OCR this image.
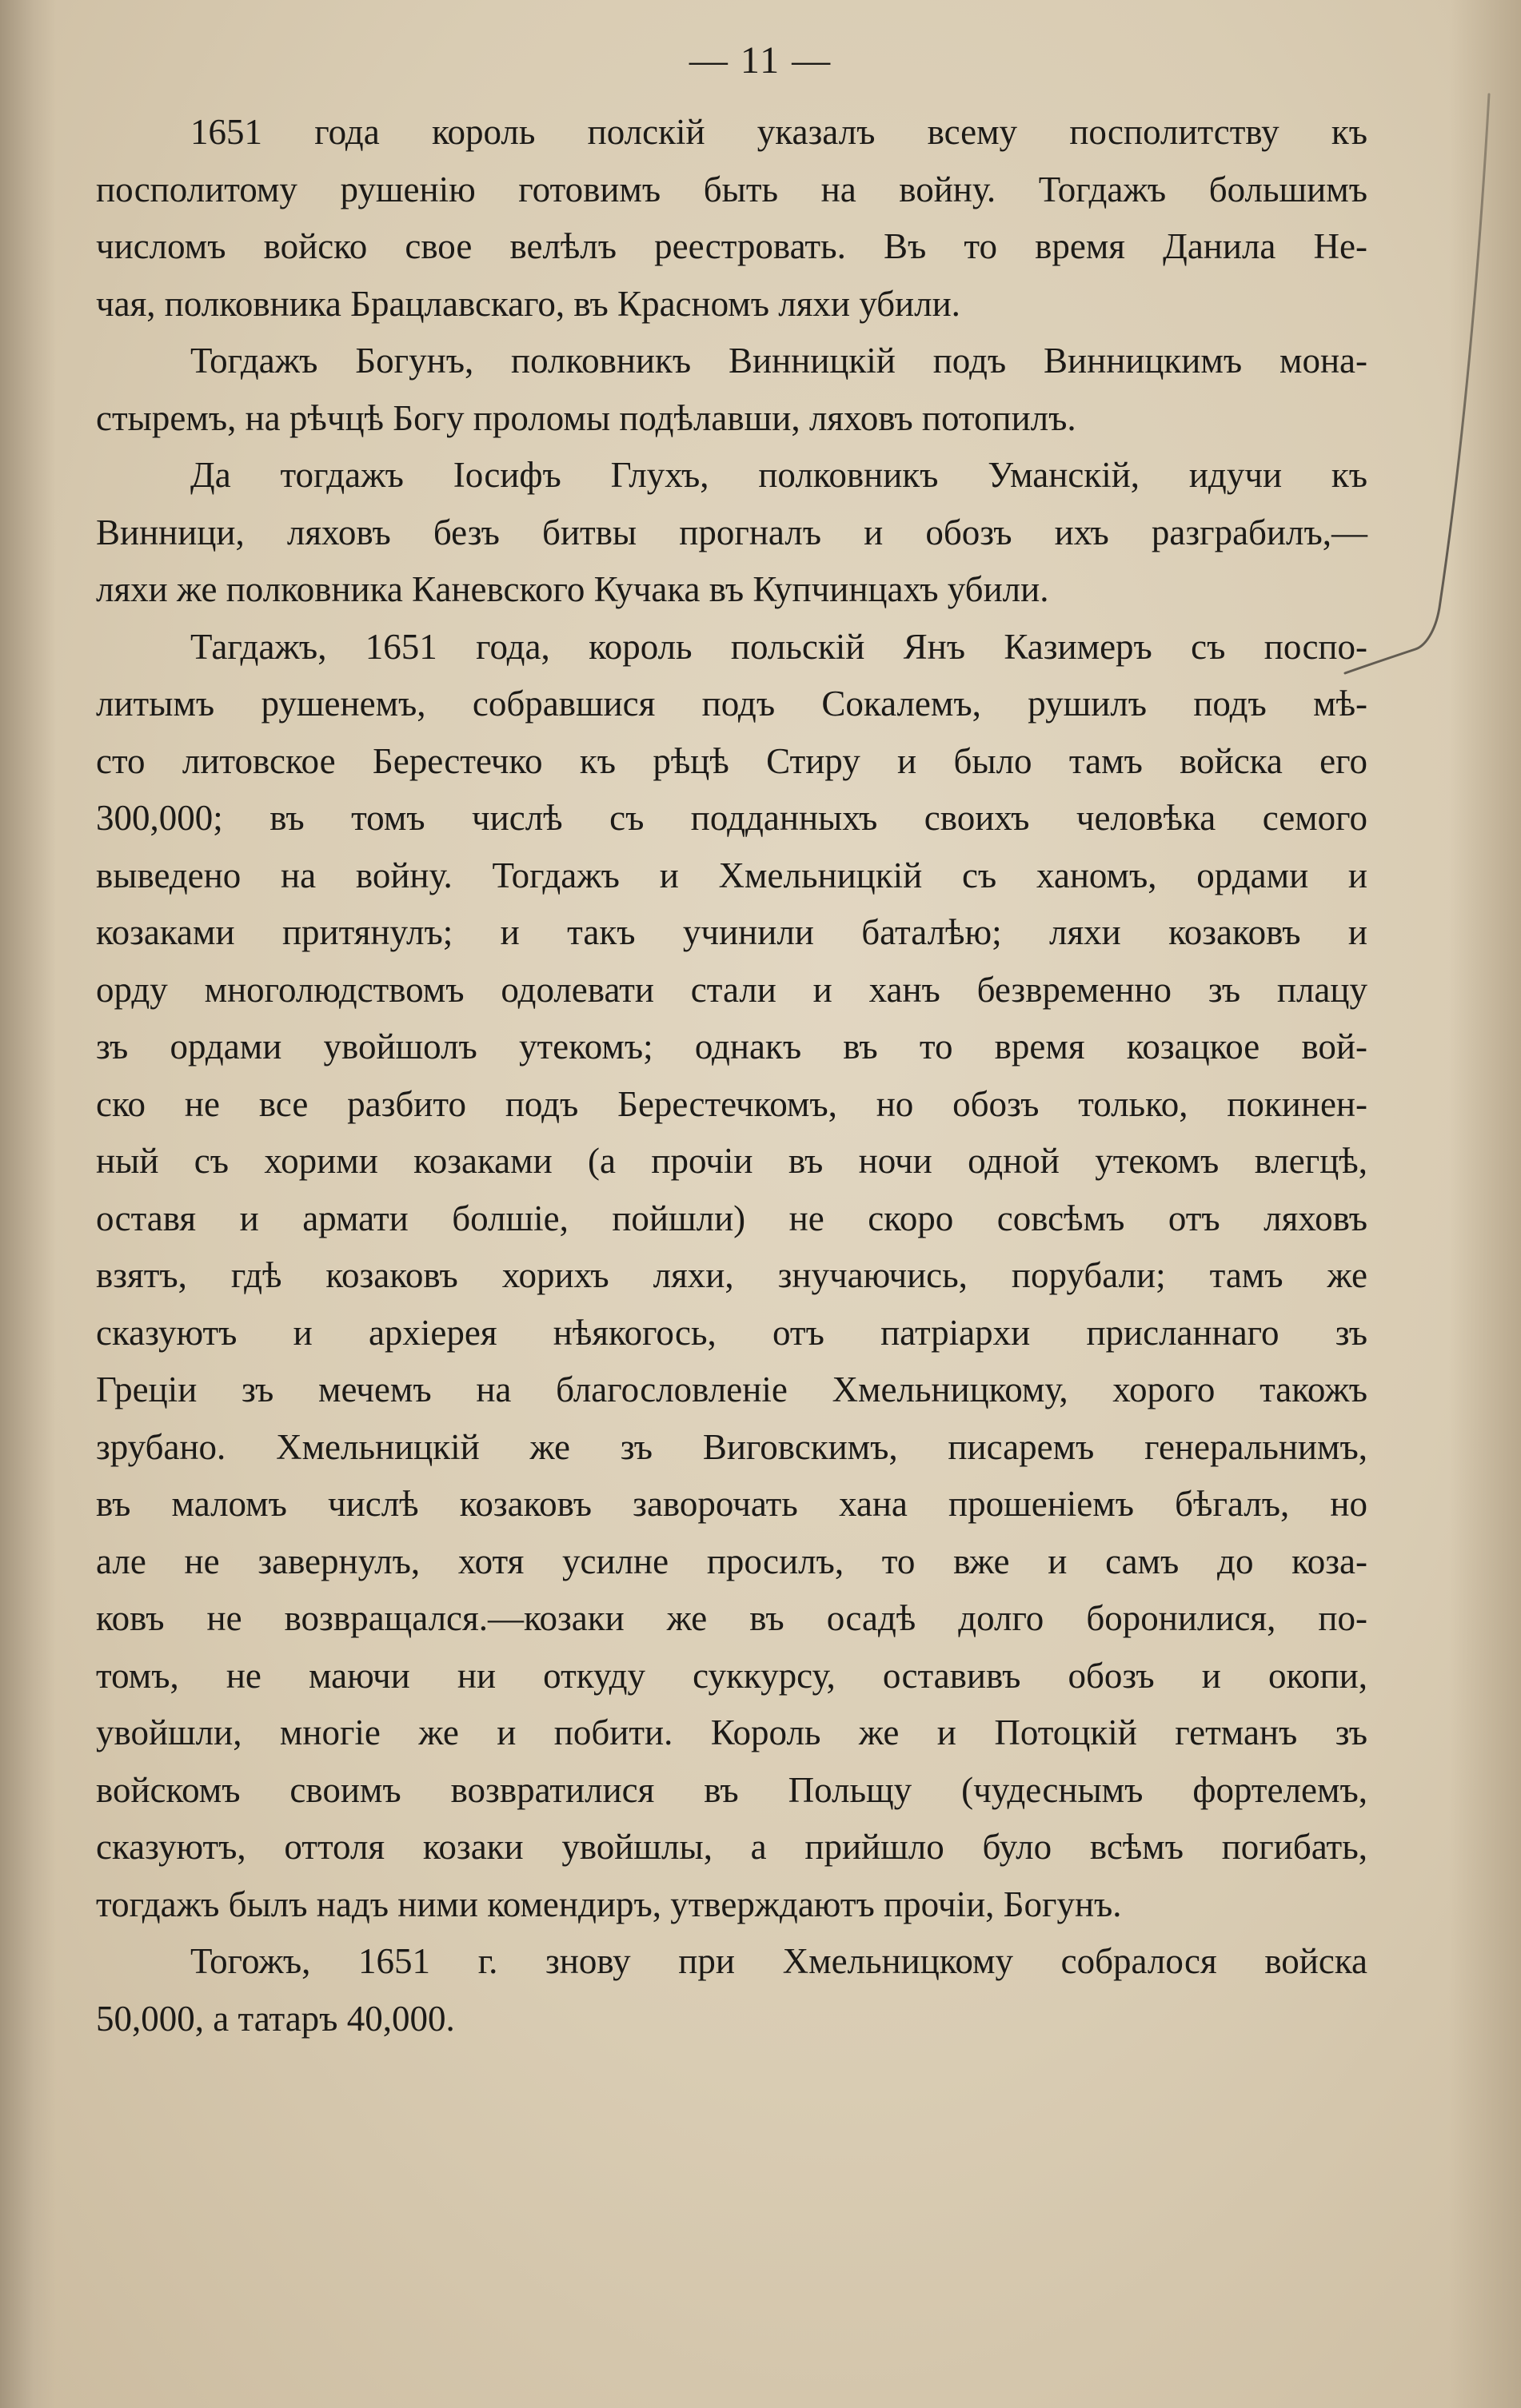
— 11 —

1651 года король полскій указалъ всему посполитству къ
посполитому рушенію готовимъ быть на войну. Тогдажъ большимъ
числомъ войско свое велѣлъ реестровать. Въ то время Данила Не-
чая, полковника Брацлавскаго, въ Красномъ ляхи убили.

Тогдажъ Богунъ, полковникъ Винницкій подъ Винницкимъ мона-
стыремъ, на рѣчцѣ Богу проломы подѣлавши, ляховъ потопилъ.

Да тогдажъ Іосифъ Глухъ, полковникъ Уманскій, идучи къ
Винници, ляховъ безъ битвы прогналъ и обозъ ихъ разграбилъ,—
ляхи же полковника Каневского Кучака въ Купчинцахъ убили.

Тагдажъ, 1651 года, король польскій Янъ Казимеръ съ поспо-
литымъ рушенемъ, собравшися подъ Сокалемъ, рушилъ подъ мѣ-
сто литовское Берестечко къ рѣцѣ Стиру и было тамъ войска его
300,000; въ томъ числѣ съ подданныхъ своихъ человѣка семого
выведено на войну. Тогдажъ и Хмельницкій съ ханомъ, ордами и
козаками притянулъ; и такъ учинили баталѣю; ляхи козаковъ и
орду многолюдствомъ одолевати стали и ханъ безвременно зъ плацу
зъ ордами увойшолъ утекомъ; однакъ въ то время козацкое вой-
ско не все разбито подъ Берестечкомъ, но обозъ только, покинен-
ный съ хорими козаками (а прочіи въ ночи одной утекомъ влегцѣ,
оставя и армати болшіе, пойшли) не скоро совсѣмъ отъ ляховъ
взятъ, гдѣ козаковъ хорихъ ляхи, знучаючись, порубали; тамъ же
сказуютъ и архіерея нѣякогось, отъ патріархи присланнаго зъ
Греціи зъ мечемъ на благословленіе Хмельницкому, хорого такожъ
зрубано. Хмельницкій же зъ Виговскимъ, писаремъ генеральнимъ,
въ маломъ числѣ козаковъ заворочать хана прошеніемъ бѣгалъ, но
але не завернулъ, хотя усилне просилъ, то вже и самъ до коза-
ковъ не возвращался.—козаки же въ осадѣ долго боронилися, по-
томъ, не маючи ни откуду суккурсу, оставивъ обозъ и окопи,
увойшли, многіе же и побити. Король же и Потоцкій гетманъ зъ
войскомъ своимъ возвратилися въ Польщу (чудеснымъ фортелемъ,
сказуютъ, оттоля козаки увойшлы, а прийшло було всѣмъ погибать,
тогдажъ былъ надъ ними комендиръ, утверждаютъ прочіи, Богунъ.

Тогожъ, 1651 г. знову при Хмельницкому собралося войска
50,000, а татаръ 40,000.
